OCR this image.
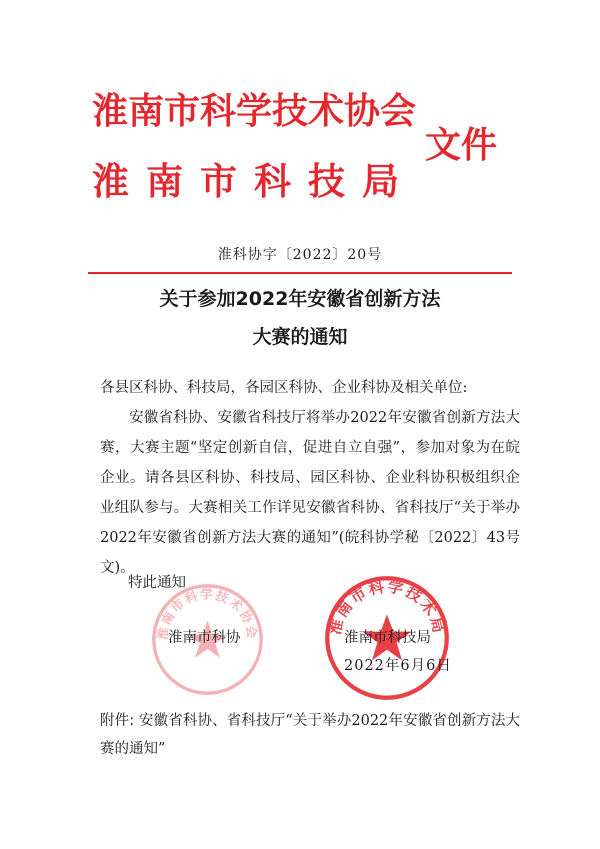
淮南市科学技术协会
淮南市科技局
文件

淮科协字〔2022〕20号

关于参加2022年安徽省创新方法
大赛的通知

各县区科协、科技局，各园区科协、企业科协及相关单位:

安徽省科协、安徽省科技厅将举办2022年安徽省创新方法大赛，大赛主题“坚定创新自信，促进自立自强”，参加对象为在皖企业。请各县区科协、科技局、园区科协、企业科协积极组织企业组队参与。大赛相关工作详见安徽省科协、省科技厅“关于举办2022年安徽省创新方法大赛的通知”(皖科协学秘〔2022〕43号文)。

特此通知

淮南市科学技术协会	淮南市科学技术局

淮南市科协	淮南市科技局

2022年6月6日

附件: 安徽省科协、省科技厅“关于举办2022年安徽省创新方法大赛的通知”
